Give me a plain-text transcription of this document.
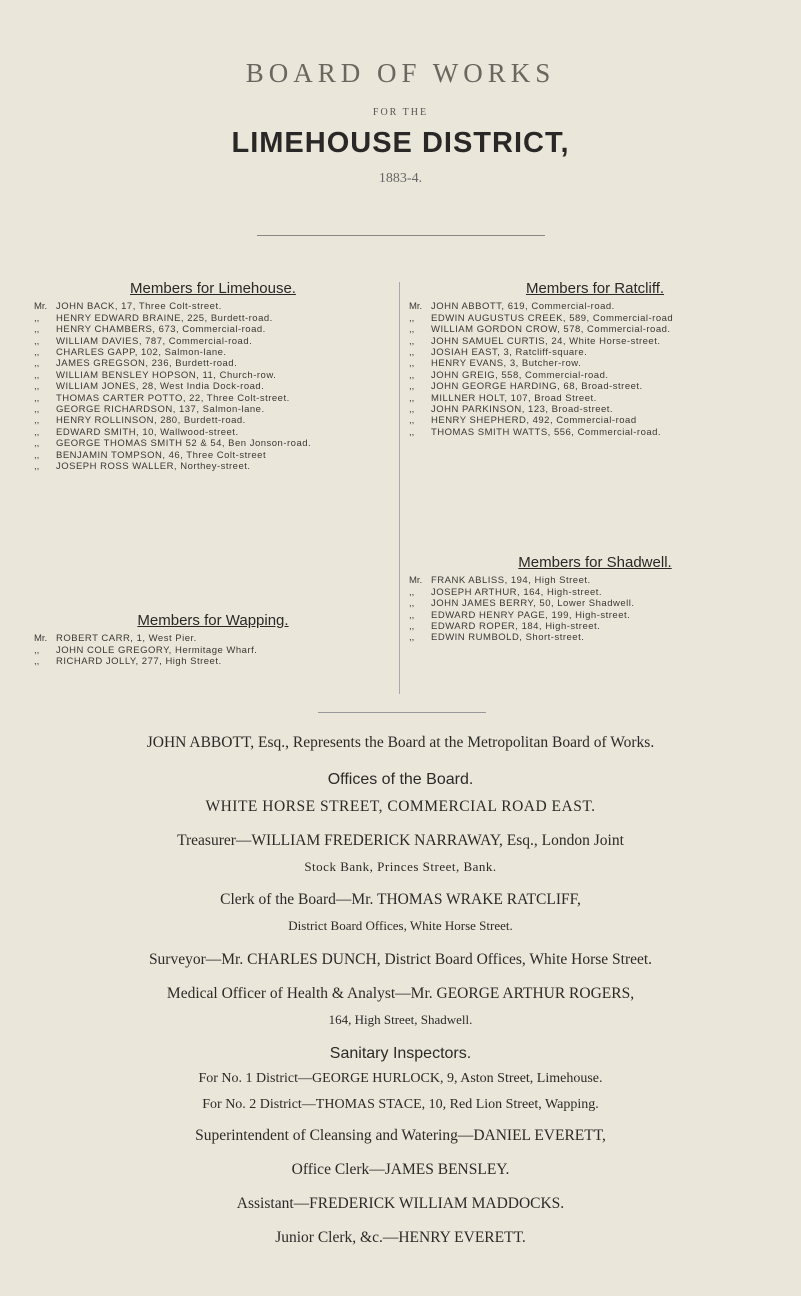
BOARD OF WORKS
FOR THE
LIMEHOUSE DISTRICT,
1883-4.
Members for Limehouse.
Mr. JOHN BACK, 17, Three Colt-street.
,,	HENRY EDWARD BRAINE, 225, Burdett-road.
,,	HENRY CHAMBERS, 673, Commercial-road.
,,	WILLIAM DAVIES, 787, Commercial-road.
,,	CHARLES GAPP, 102, Salmon-lane.
,,	JAMES GREGSON, 236, Burdett-road.
,,	WILLIAM BENSLEY HOPSON, 11, Church-row.
,,	WILLIAM JONES, 28, West India Dock-road.
,,	THOMAS CARTER POTTO, 22, Three Colt-street.
,,	GEORGE RICHARDSON, 137, Salmon-lane.
,,	HENRY ROLLINSON, 280, Burdett-road.
,,	EDWARD SMITH, 10, Wallwood-street.
,,	GEORGE THOMAS SMITH 52 & 54, Ben Jonson-road.
,,	BENJAMIN TOMPSON, 46, Three Colt-street
,,	JOSEPH ROSS WALLER, Northey-street.
Members for Wapping.
Mr. ROBERT CARR, 1, West Pier.
,,	JOHN COLE GREGORY, Hermitage Wharf.
,,	RICHARD JOLLY, 277, High Street.
Members for Ratcliff.
Mr. JOHN ABBOTT, 619, Commercial-road.
,,	EDWIN AUGUSTUS CREEK, 589, Commercial-road
,,	WILLIAM GORDON CROW, 578, Commercial-road.
,,	JOHN SAMUEL CURTIS, 24, White Horse-street.
,,	JOSIAH EAST, 3, Ratcliff-square.
,,	HENRY EVANS, 3, Butcher-row.
,,	JOHN GREIG, 558, Commercial-road.
,,	JOHN GEORGE HARDING, 68, Broad-street.
,,	MILLNER HOLT, 107, Broad Street.
,,	JOHN PARKINSON, 123, Broad-street.
,,	HENRY SHEPHERD, 492, Commercial-road
,,	THOMAS SMITH WATTS, 556, Commercial-road.
Members for Shadwell.
Mr. FRANK ABLISS, 194, High Street.
,,	JOSEPH ARTHUR, 164, High-street.
,,	JOHN JAMES BERRY, 50, Lower Shadwell.
,,	EDWARD HENRY PAGE, 199, High-street.
,,	EDWARD ROPER, 184, High-street.
,,	EDWIN RUMBOLD, Short-street.
JOHN ABBOTT, Esq., Represents the Board at the Metropolitan Board of Works.
Offices of the Board.
WHITE HORSE STREET, COMMERCIAL ROAD EAST.
Treasurer—WILLIAM FREDERICK NARRAWAY, Esq., London Joint
Stock Bank, Princes Street, Bank.
Clerk of the Board—Mr. THOMAS WRAKE RATCLIFF,
District Board Offices, White Horse Street.
Surveyor—Mr. CHARLES DUNCH, District Board Offices, White Horse Street.
Medical Officer of Health & Analyst—Mr. GEORGE ARTHUR ROGERS,
164, High Street, Shadwell.
Sanitary Inspectors.
For No. 1 District—GEORGE HURLOCK, 9, Aston Street, Limehouse.
For No. 2 District—THOMAS STACE, 10, Red Lion Street, Wapping.
Superintendent of Cleansing and Watering—DANIEL EVERETT,
Office Clerk—JAMES BENSLEY.
Assistant—FREDERICK WILLIAM MADDOCKS.
Junior Clerk, &c.—HENRY EVERETT.
